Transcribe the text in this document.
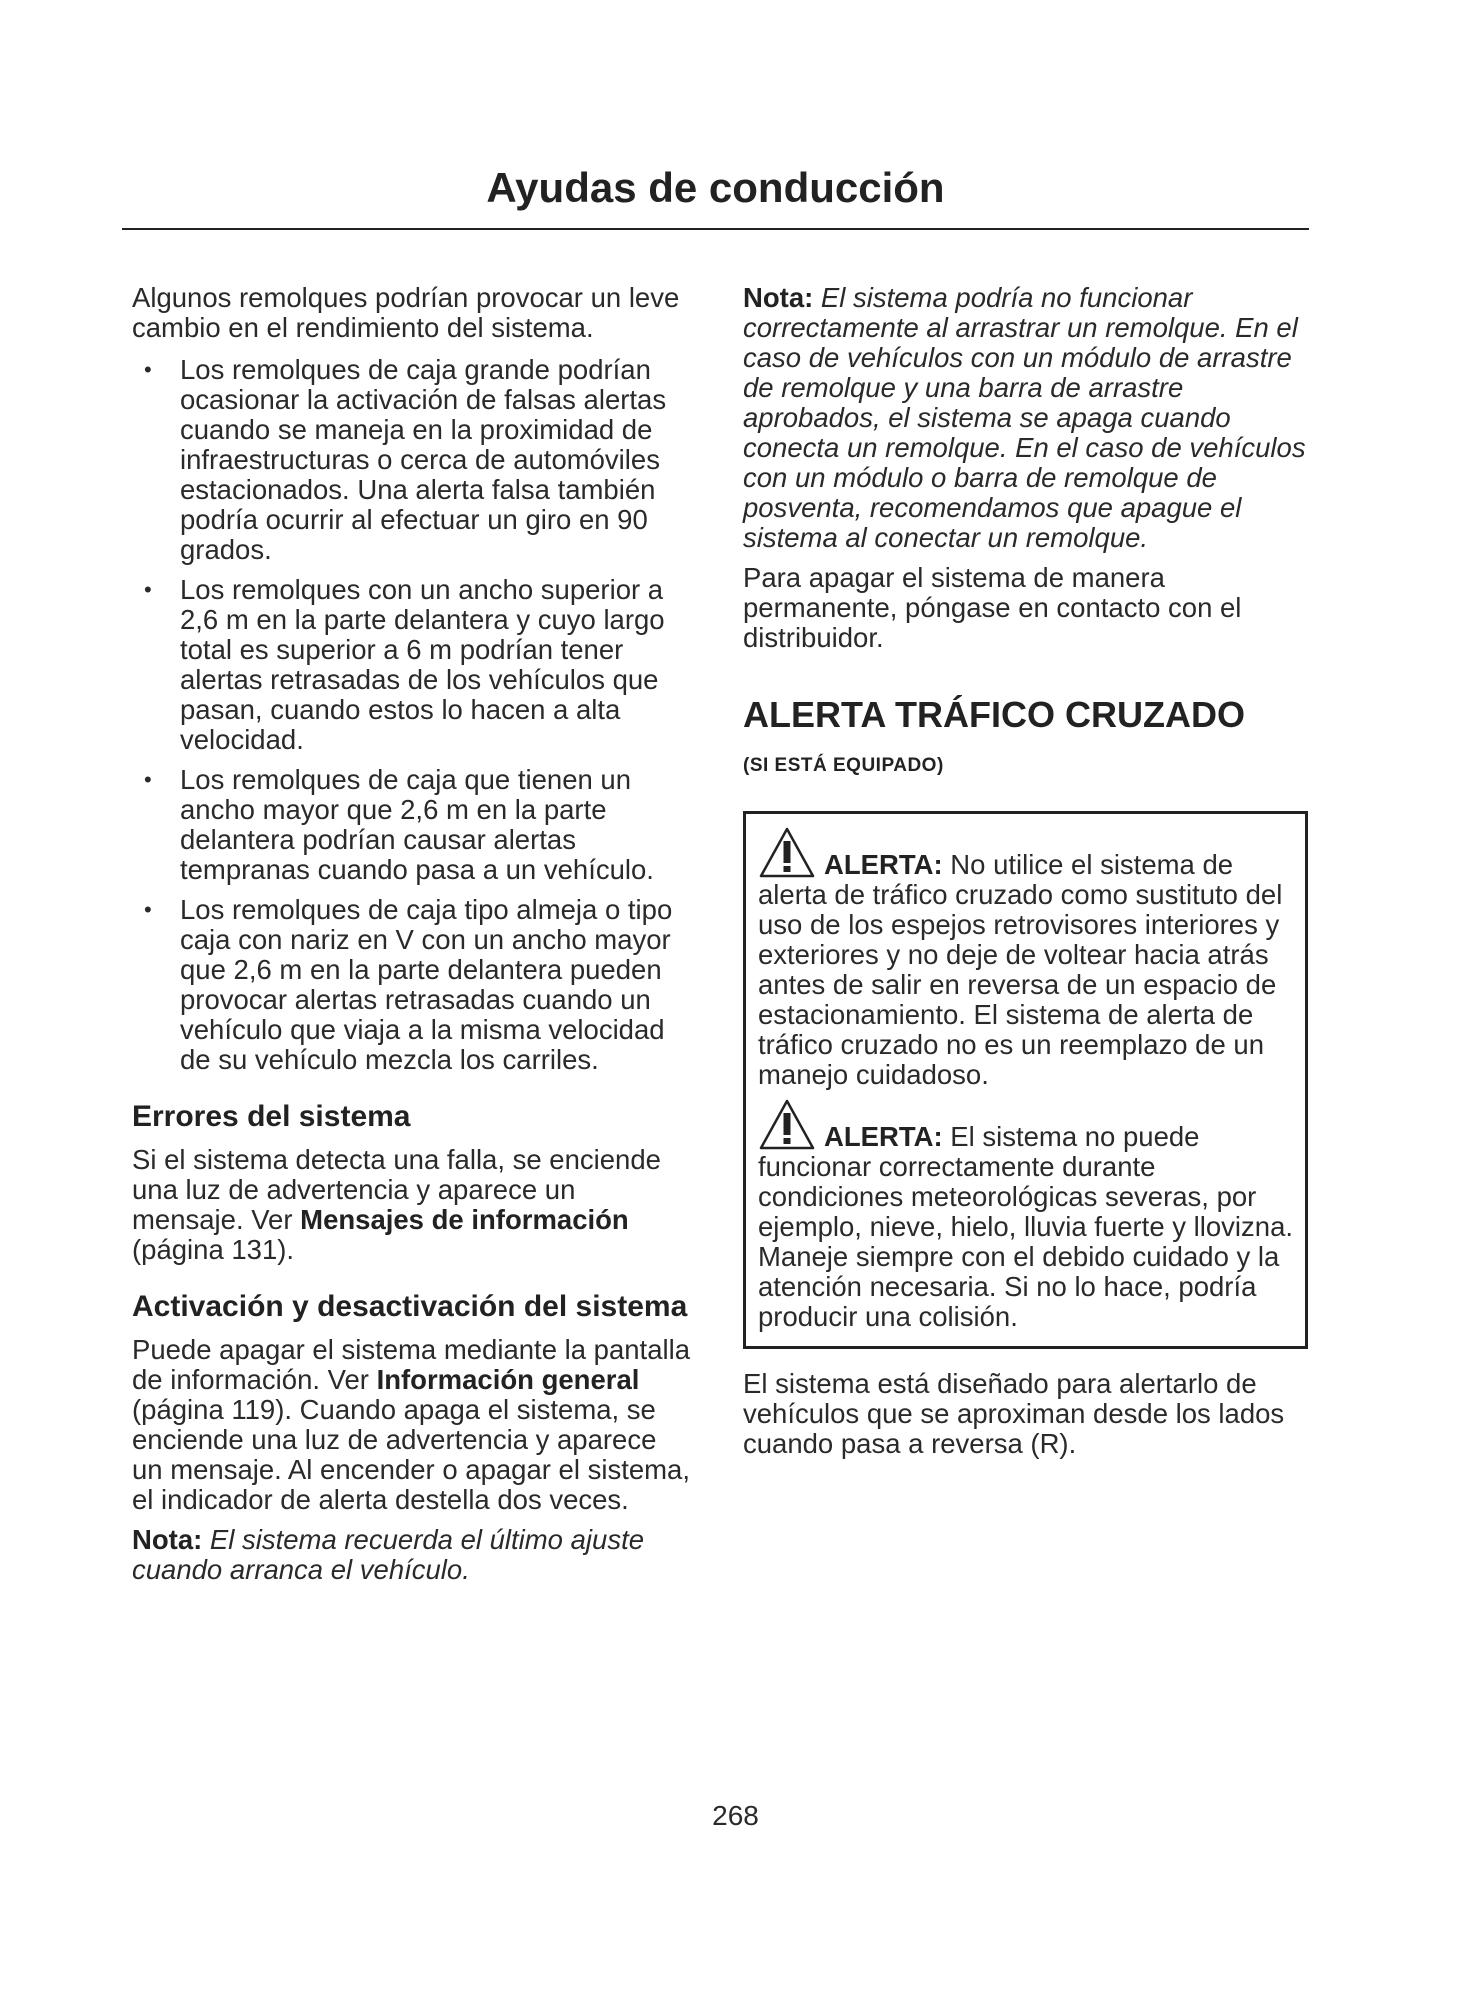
Ayudas de conducción

Algunos remolques podrían provocar un leve cambio en el rendimiento del sistema.

• Los remolques de caja grande podrían ocasionar la activación de falsas alertas cuando se maneja en la proximidad de infraestructuras o cerca de automóviles estacionados. Una alerta falsa también podría ocurrir al efectuar un giro en 90 grados.
• Los remolques con un ancho superior a 2,6 m en la parte delantera y cuyo largo total es superior a 6 m podrían tener alertas retrasadas de los vehículos que pasan, cuando estos lo hacen a alta velocidad.
• Los remolques de caja que tienen un ancho mayor que 2,6 m en la parte delantera podrían causar alertas tempranas cuando pasa a un vehículo.
• Los remolques de caja tipo almeja o tipo caja con nariz en V con un ancho mayor que 2,6 m en la parte delantera pueden provocar alertas retrasadas cuando un vehículo que viaja a la misma velocidad de su vehículo mezcla los carriles.
Errores del sistema

Si el sistema detecta una falla, se enciende una luz de advertencia y aparece un mensaje. Ver Mensajes de información (página 131).

Activación y desactivación del sistema

Puede apagar el sistema mediante la pantalla de información. Ver Información general (página 119). Cuando apaga el sistema, se enciende una luz de advertencia y aparece un mensaje. Al encender o apagar el sistema, el indicador de alerta destella dos veces.

Nota: El sistema recuerda el último ajuste cuando arranca el vehículo.

Nota: El sistema podría no funcionar correctamente al arrastrar un remolque. En el caso de vehículos con un módulo de arrastre de remolque y una barra de arrastre aprobados, el sistema se apaga cuando conecta un remolque. En el caso de vehículos con un módulo o barra de remolque de posventa, recomendamos que apague el sistema al conectar un remolque.

Para apagar el sistema de manera permanente, póngase en contacto con el distribuidor.

ALERTA TRÁFICO CRUZADO

(SI ESTÁ EQUIPADO)

ALERTA: No utilice el sistema de alerta de tráfico cruzado como sustituto del uso de los espejos retrovisores interiores y exteriores y no deje de voltear hacia atrás antes de salir en reversa de un espacio de estacionamiento. El sistema de alerta de tráfico cruzado no es un reemplazo de un manejo cuidadoso.

ALERTA: El sistema no puede funcionar correctamente durante condiciones meteorológicas severas, por ejemplo, nieve, hielo, lluvia fuerte y llovizna. Maneje siempre con el debido cuidado y la atención necesaria. Si no lo hace, podría producir una colisión.

El sistema está diseñado para alertarlo de vehículos que se aproximan desde los lados cuando pasa a reversa (R).

268
